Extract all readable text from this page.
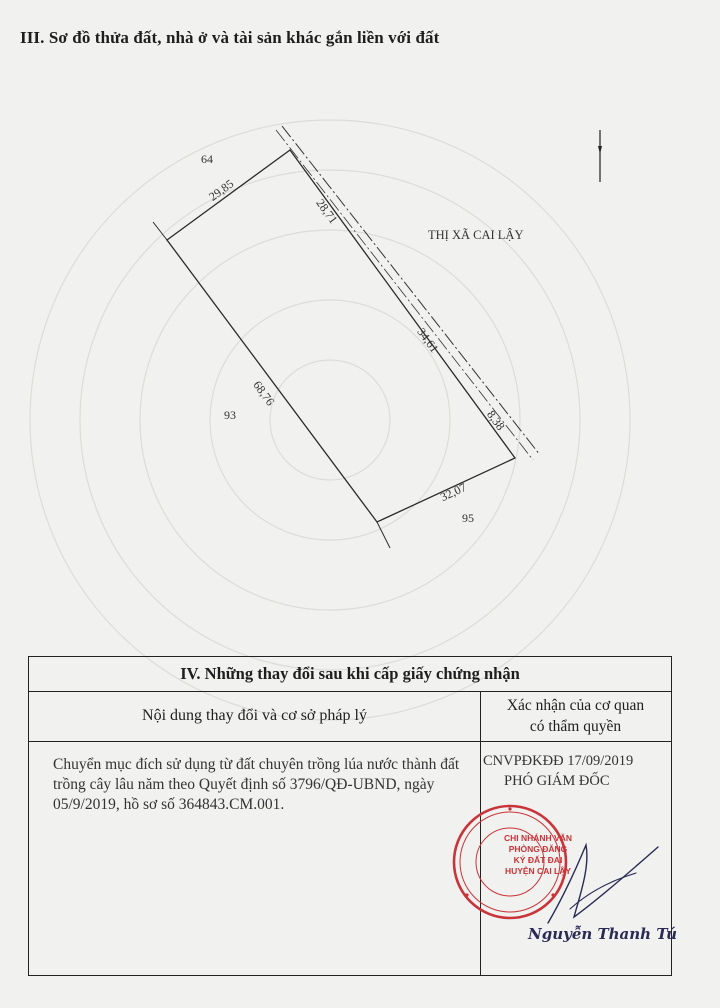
III. Sơ đồ thửa đất, nhà ở và tài sản khác gắn liền với đất
64
93
95
THỊ XÃ CAI LẬY
29,85
28,71
34,61
8,38
32,07
68,76
IV. Những thay đổi sau khi cấp giấy chứng nhận
Nội dung thay đổi và cơ sở pháp lý
Xác nhận của cơ quan
có thẩm quyền
Chuyển mục đích sử dụng từ đất chuyên trồng lúa nước thành đất trồng cây lâu năm theo Quyết định số 3796/QĐ-UBND, ngày 05/9/2019, hồ sơ số 364843.CM.001.
CNVPĐKĐĐ 17/09/2019
PHÓ GIÁM ĐỐC
CHI NHÁNH VĂN PHÒNG ĐĂNG KÝ ĐẤT ĐAI HUYỆN CAI LẬY
Nguyễn Thanh Tú
